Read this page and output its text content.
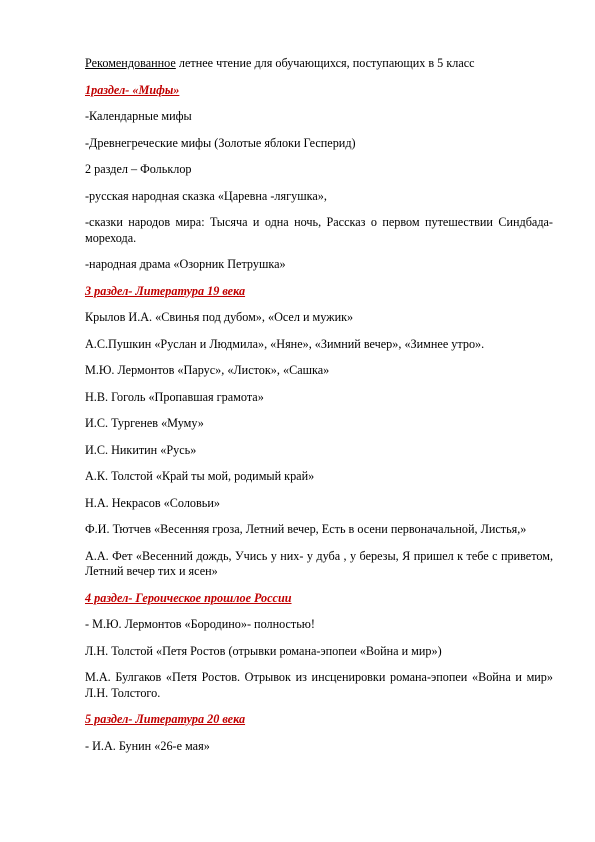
Рекомендованное летнее чтение для обучающихся, поступающих в 5 класс

1раздел- «Мифы»

-Календарные мифы

-Древнегреческие мифы (Золотые яблоки Гесперид)

2 раздел – Фольклор

-русская народная сказка «Царевна -лягушка»,

-сказки народов мира: Тысяча и одна ночь, Рассказ о первом путешествии Синдбада-морехода.

-народная драма «Озорник Петрушка»

3 раздел- Литература 19 века

Крылов И.А. «Свинья под дубом», «Осел и мужик»

А.С.Пушкин «Руслан и Людмила», «Няне», «Зимний вечер», «Зимнее утро».

М.Ю. Лермонтов «Парус», «Листок», «Сашка»

Н.В. Гоголь «Пропавшая грамота»

И.С. Тургенев «Муму»

И.С. Никитин «Русь»

А.К. Толстой «Край ты мой, родимый край»

Н.А. Некрасов «Соловьи»

Ф.И. Тютчев «Весенняя гроза, Летний вечер, Есть в осени первоначальной, Листья,»

А.А. Фет «Весенний дождь, Учись у них- у дуба , у березы, Я пришел к тебе с приветом, Летний вечер тих и ясен»

4 раздел- Героическое прошлое России

- М.Ю. Лермонтов «Бородино»- полностью!

Л.Н. Толстой «Петя Ростов (отрывки романа-эпопеи «Война и мир»)

М.А. Булгаков «Петя Ростов. Отрывок из инсценировки романа-эпопеи «Война и мир» Л.Н. Толстого.

5 раздел- Литература 20 века

- И.А. Бунин «26-е мая»
